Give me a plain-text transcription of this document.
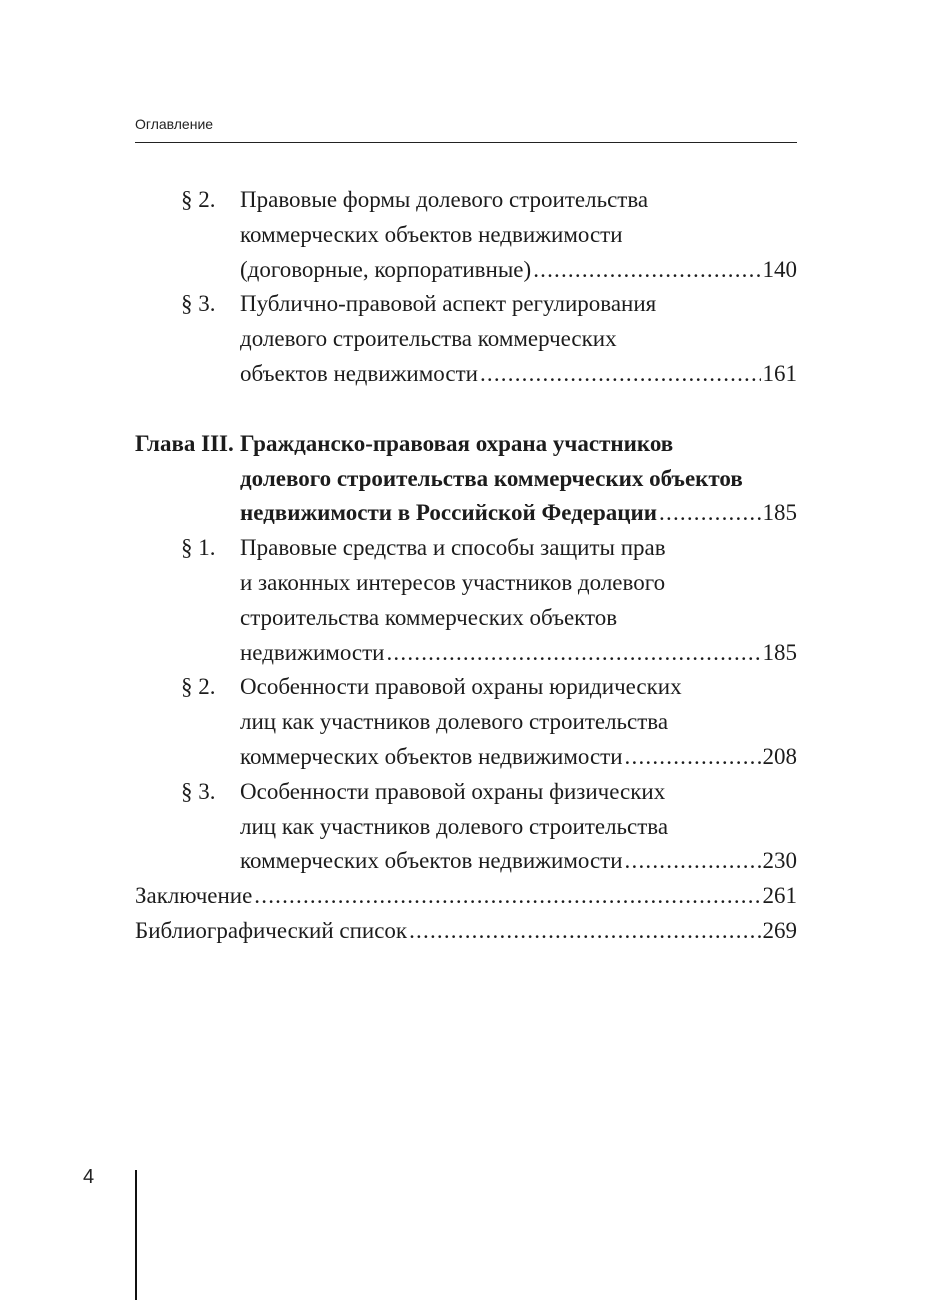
Оглавление
§ 2. Правовые формы долевого строительства
коммерческих объектов недвижимости
(договорные, корпоративные) .....	140
§ 3. Публично-правовой аспект регулирования
долевого строительства коммерческих
объектов недвижимости .....	161
Глава III. Гражданско-правовая охрана участников
долевого строительства коммерческих объектов
недвижимости в Российской Федерации .....	185
§ 1. Правовые средства и способы защиты прав
и законных интересов участников долевого
строительства коммерческих объектов
недвижимости .....	185
§ 2. Особенности правовой охраны юридических
лиц как участников долевого строительства
коммерческих объектов недвижимости .....	208
§ 3. Особенности правовой охраны физических
лиц как участников долевого строительства
коммерческих объектов недвижимости .....	230
Заключение .....	261
Библиографический список .....	269
4
